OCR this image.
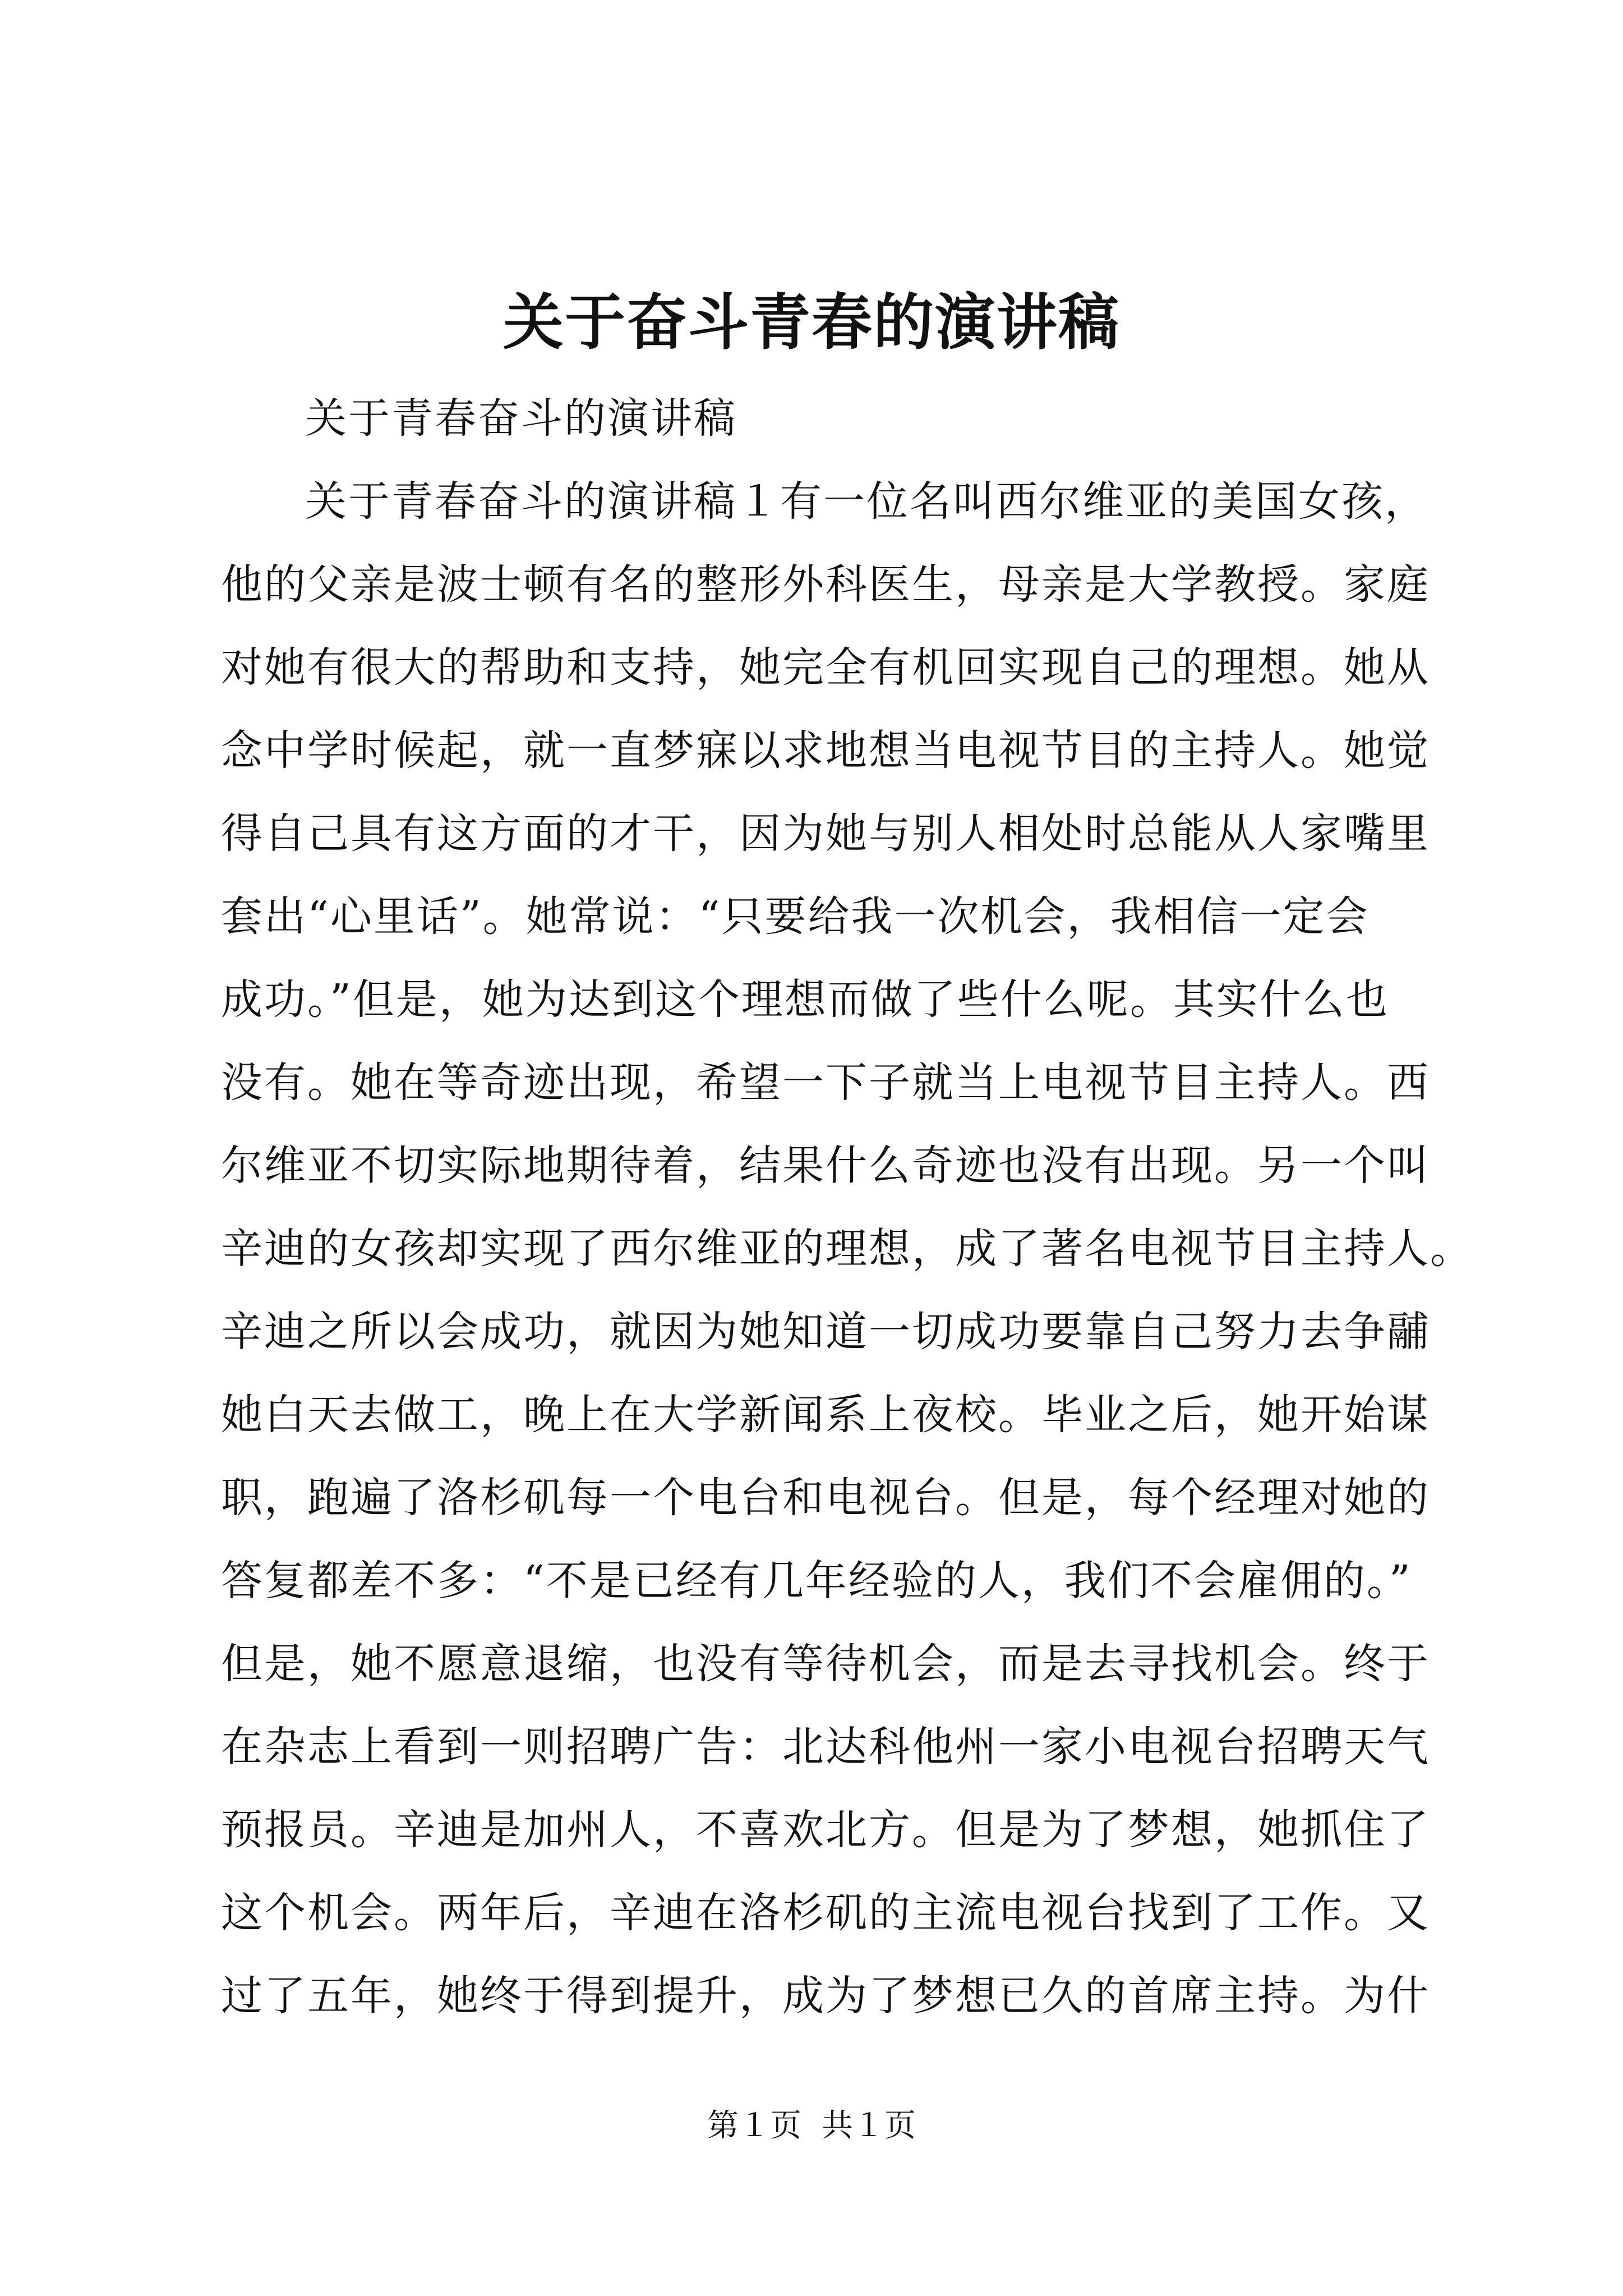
关于奋斗青春的演讲稿
关于青春奋斗的演讲稿
关于青春奋斗的演讲稿１有一位名叫西尔维亚的美国女孩，
他的父亲是波士顿有名的整形外科医生，母亲是大学教授。家庭
对她有很大的帮助和支持，她完全有机回实现自己的理想。她从
念中学时候起，就一直梦寐以求地想当电视节目的主持人。她觉
得自己具有这方面的才干，因为她与别人相处时总能从人家嘴里
套出“心里话”。她常说：“只要给我一次机会，我相信一定会
成功。”但是，她为达到这个理想而做了些什么呢。其实什么也
没有。她在等奇迹出现，希望一下子就当上电视节目主持人。西
尔维亚不切实际地期待着，结果什么奇迹也没有出现。另一个叫
辛迪的女孩却实现了西尔维亚的理想，成了著名电视节目主持人。
辛迪之所以会成功，就因为她知道一切成功要靠自己努力去争鬴
她白天去做工，晚上在大学新闻系上夜校。毕业之后，她开始谋
职，跑遍了洛杉矶每一个电台和电视台。但是，每个经理对她的
答复都差不多：“不是已经有几年经验的人，我们不会雇佣的。”
但是，她不愿意退缩，也没有等待机会，而是去寻找机会。终于
在杂志上看到一则招聘广告：北达科他州一家小电视台招聘天气
预报员。辛迪是加州人，不喜欢北方。但是为了梦想，她抓住了
这个机会。两年后，辛迪在洛杉矶的主流电视台找到了工作。又
过了五年，她终于得到提升，成为了梦想已久的首席主持。为什
第１页 共１页
